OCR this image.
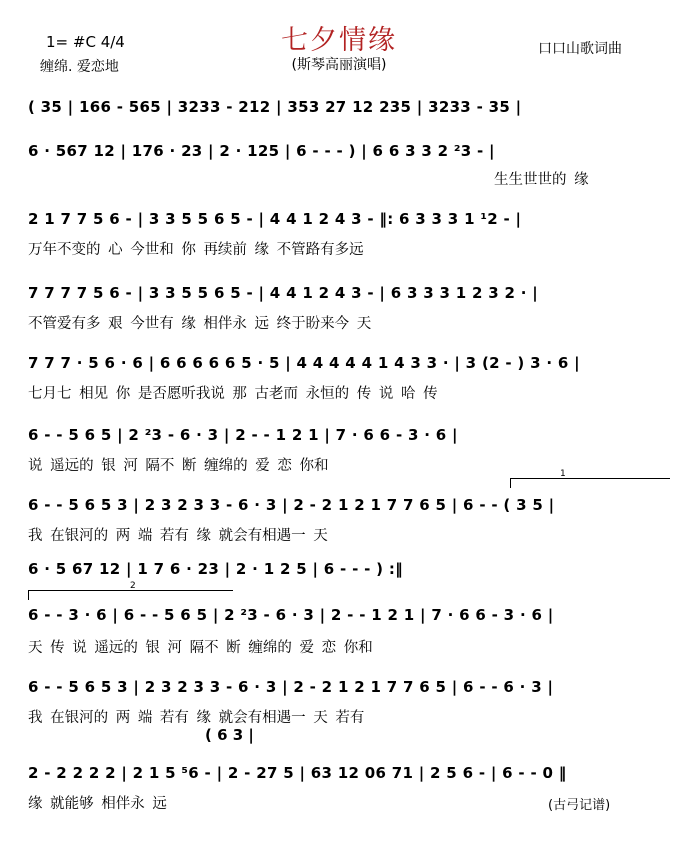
七夕情缘
(斯琴高丽演唱)
1= #C 4/4
缠绵. 爱恋地
口口山歌词曲
( 35 | 166 - 565 | 3233 - 212 | 353 27 12 235 | 3233 - 35 |
6 · 567 12 | 176 · 23 | 2 · 125 | 6 - - - ) | 6 6 3 3 2 ²3 - |
生生世世的 缘
2 1 7 7 5 6 - | 3 3 5 5 6 5 - | 4 4 1 2 4 3 - ‖: 6 3 3 3 1 ¹2 - |
万年不变的 心 今世和 你 再续前 缘 不管路有多远
7 7 7 7 5 6 - | 3 3 5 5 6 5 - | 4 4 1 2 4 3 - | 6 3 3 3 1 2 3 2 · |
不管爱有多 艰 今世有 缘 相伴永 远 终于盼来今 天
7 7 7 · 5 6 · 6 | 6 6 6 6 6 5 · 5 | 4 4 4 4 4 1 4 3 3 · | 3 (2 - ) 3 · 6 |
七月七 相见 你 是否愿听我说 那 古老而 永恒的 传 说 哈 传
6 - - 5 6 5 | 2 ²3 - 6 · 3 | 2 - - 1 2 1 | 7 · 6 6 - 3 · 6 |
说 遥远的 银 河 隔不 断 缠绵的 爱 恋 你和	1
6 - - 5 6 5 3 | 2 3 2 3 3 - 6 · 3 | 2 - 2 1 2 1 7 7 6 5 | 6 - - ( 3 5 |
我 在银河的 两 端 若有 缘 就会有相遇一 天
6 · 5 67 12 | 1 7 6 · 23 | 2 · 1 2 5 | 6 - - - ) :‖
2
6 - - 3 · 6 | 6 - - 5 6 5 | 2 ²3 - 6 · 3 | 2 - - 1 2 1 | 7 · 6 6 - 3 · 6 |
天 传 说 遥远的 银 河 隔不 断 缠绵的 爱 恋 你和
6 - - 5 6 5 3 | 2 3 2 3 3 - 6 · 3 | 2 - 2 1 2 1 7 7 6 5 | 6 - - 6 · 3 |
我 在银河的 两 端 若有 缘 就会有相遇一 天 若有
( 6 3 |
2 - 2 2 2 2 | 2 1 5 ⁵6 - | 2 - 27 5 | 63 12 06 71 | 2 5 6 - | 6 - - 0 ‖
缘 就能够 相伴永 远	(古弓记谱)
